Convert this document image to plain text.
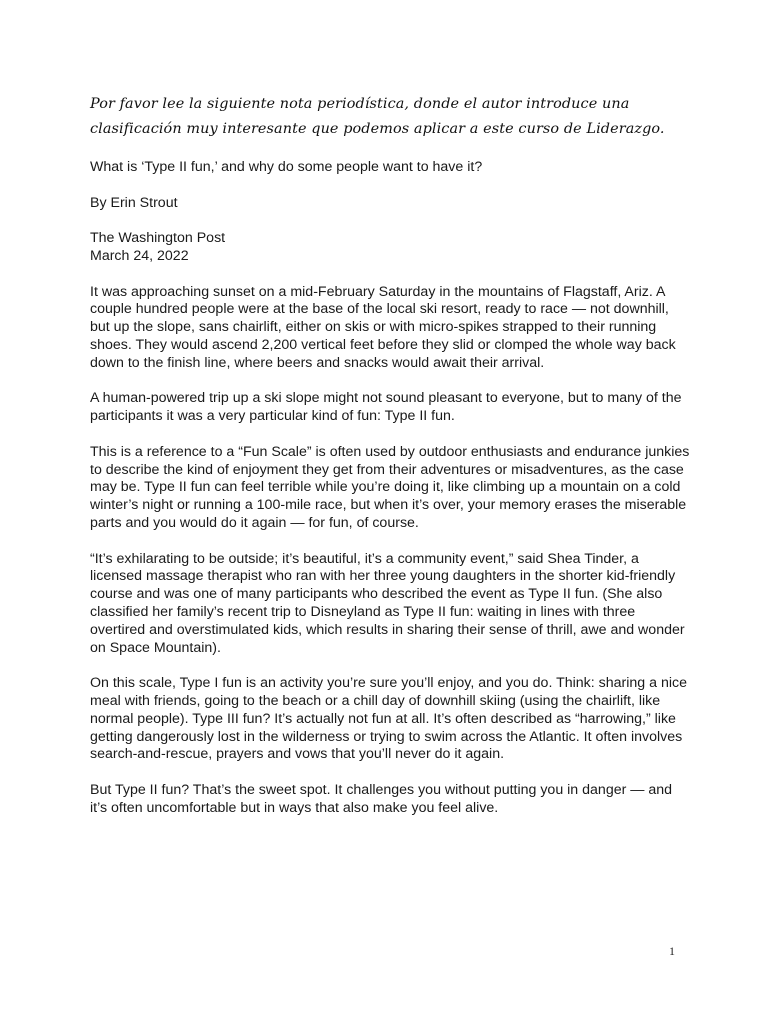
Por favor lee la siguiente nota periodística, donde el autor introduce una clasificación muy interesante que podemos aplicar a este curso de Liderazgo.

What is ‘Type II fun,’ and why do some people want to have it?

By Erin Strout

The Washington Post

March 24, 2022

It was approaching sunset on a mid-February Saturday in the mountains of Flagstaff, Ariz. A couple hundred people were at the base of the local ski resort, ready to race — not downhill, but up the slope, sans chairlift, either on skis or with micro-spikes strapped to their running shoes. They would ascend 2,200 vertical feet before they slid or clomped the whole way back down to the finish line, where beers and snacks would await their arrival.

A human-powered trip up a ski slope might not sound pleasant to everyone, but to many of the participants it was a very particular kind of fun: Type II fun.

This is a reference to a “Fun Scale” is often used by outdoor enthusiasts and endurance junkies to describe the kind of enjoyment they get from their adventures or misadventures, as the case may be. Type II fun can feel terrible while you’re doing it, like climbing up a mountain on a cold winter’s night or running a 100-mile race, but when it’s over, your memory erases the miserable parts and you would do it again — for fun, of course.

“It’s exhilarating to be outside; it’s beautiful, it’s a community event,” said Shea Tinder, a licensed massage therapist who ran with her three young daughters in the shorter kid-friendly course and was one of many participants who described the event as Type II fun. (She also classified her family’s recent trip to Disneyland as Type II fun: waiting in lines with three overtired and overstimulated kids, which results in sharing their sense of thrill, awe and wonder on Space Mountain).

On this scale, Type I fun is an activity you’re sure you’ll enjoy, and you do. Think: sharing a nice meal with friends, going to the beach or a chill day of downhill skiing (using the chairlift, like normal people). Type III fun? It’s actually not fun at all. It’s often described as “harrowing,” like getting dangerously lost in the wilderness or trying to swim across the Atlantic. It often involves search-and-rescue, prayers and vows that you’ll never do it again.

But Type II fun? That’s the sweet spot. It challenges you without putting you in danger — and it’s often uncomfortable but in ways that also make you feel alive.

1
